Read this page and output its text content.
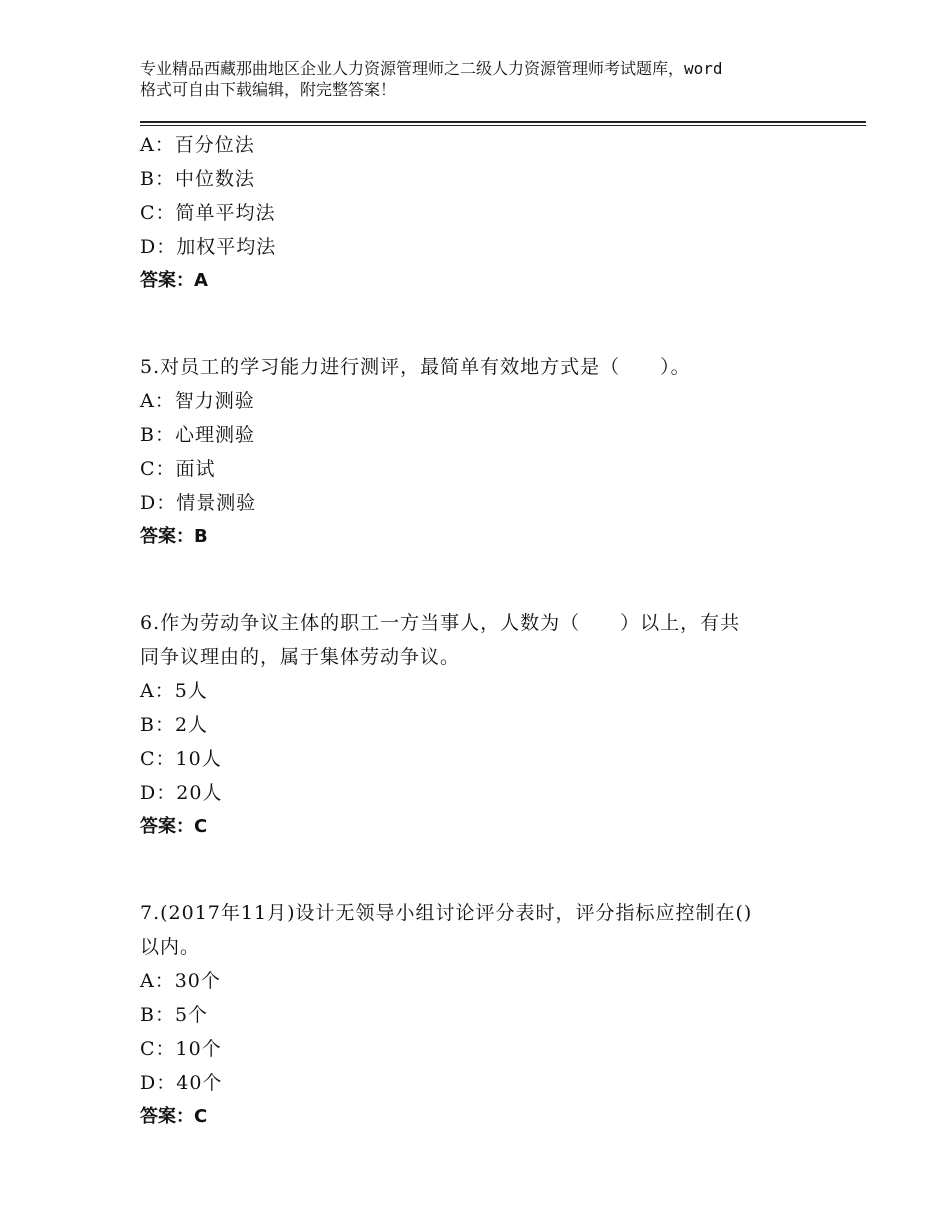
专业精品西藏那曲地区企业人力资源管理师之二级人力资源管理师考试题库，word
格式可自由下载编辑，附完整答案！
A：百分位法
B：中位数法
C：简单平均法
D：加权平均法
答案：A
5.对员工的学习能力进行测评，最简单有效地方式是（　　）。
A：智力测验
B：心理测验
C：面试
D：情景测验
答案：B
6.作为劳动争议主体的职工一方当事人，人数为（　　）以上，有共
同争议理由的，属于集体劳动争议。
A：5人
B：2人
C：10人
D：20人
答案：C
7.(2017年11月)设计无领导小组讨论评分表时，评分指标应控制在()
以内。
A：30个
B：5个
C：10个
D：40个
答案：C
